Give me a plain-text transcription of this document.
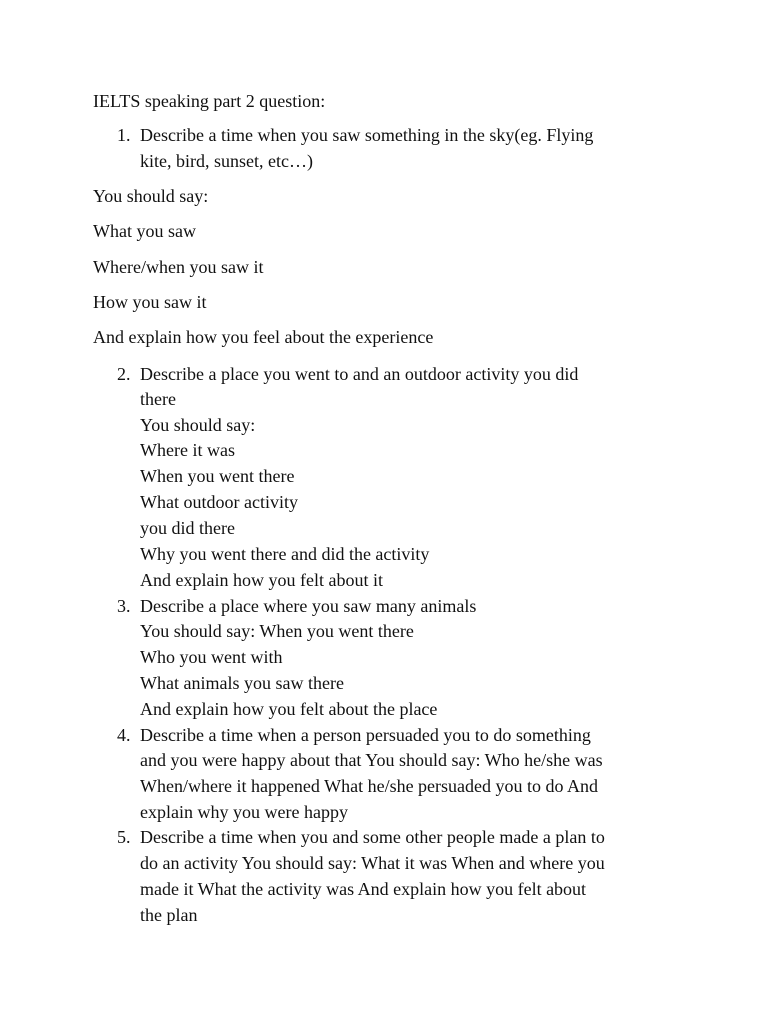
IELTS speaking part 2 question:
1. Describe a time when you saw something in the sky(eg. Flying
kite, bird, sunset, etc…)
You should say:
What you saw
Where/when you saw it
How you saw it
And explain how you feel about the experience
2. Describe a place you went to and an outdoor activity you did
there
You should say:
Where it was
When you went there
What outdoor activity
you did there
Why you went there and did the activity
And explain how you felt about it
3. Describe a place where you saw many animals
You should say: When you went there
Who you went with
What animals you saw there
And explain how you felt about the place
4. Describe a time when a person persuaded you to do something
and you were happy about that You should say: Who he/she was
When/where it happened What he/she persuaded you to do And
explain why you were happy
5. Describe a time when you and some other people made a plan to
do an activity You should say: What it was When and where you
made it What the activity was And explain how you felt about
the plan
